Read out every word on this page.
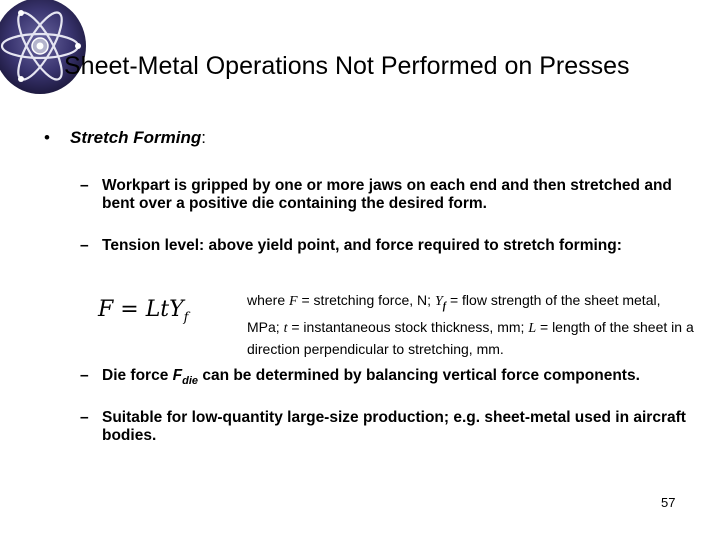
Sheet-Metal Operations Not Performed on Presses
• Stretch Forming:
– Workpart is gripped by one or more jaws on each end and then stretched and bent over a positive die containing the desired form.
– Tension level: above yield point, and force required to stretch forming:
F = LtY$_f$
where F = stretching force, N; $Y_f$ = flow strength of the sheet metal, MPa; t = instantaneous stock thickness, mm; L = length of the sheet in a direction perpendicular to stretching, mm.
– Die force $F_{die}$ can be determined by balancing vertical force components.
– Suitable for low-quantity large-size production; e.g. sheet-metal used in aircraft bodies.
57
